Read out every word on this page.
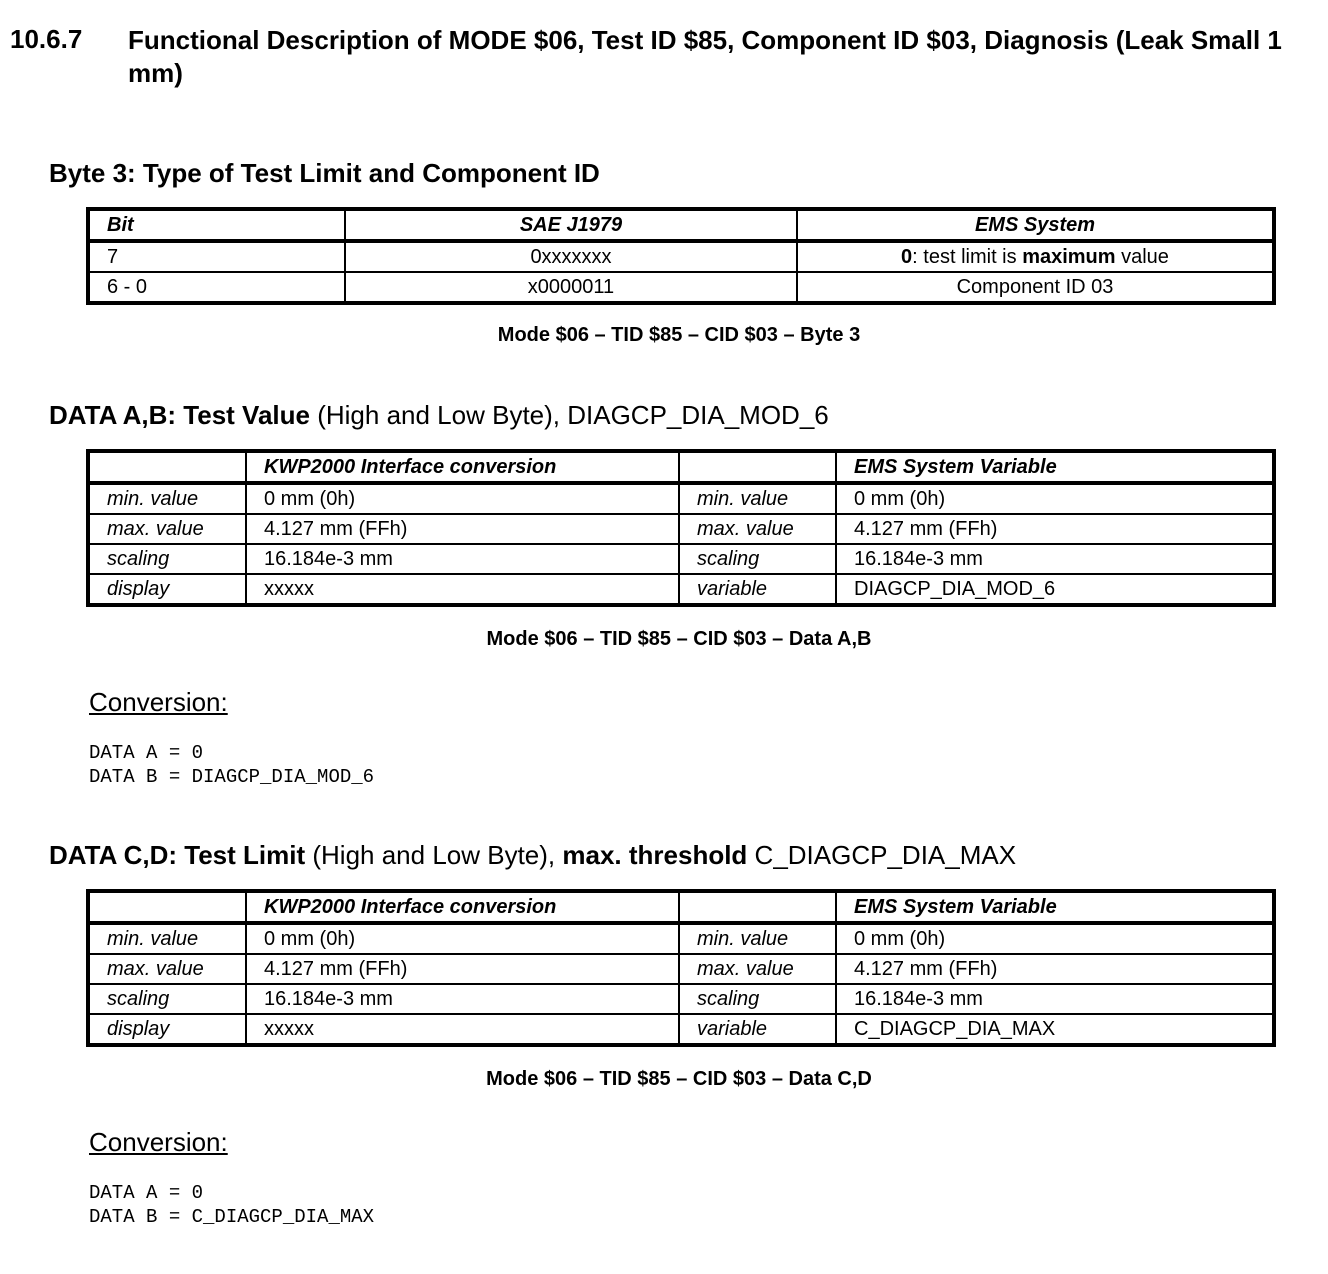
10.6.7 Functional Description of MODE $06, Test ID $85, Component ID $03, Diagnosis (Leak Small 1 mm)
Byte 3: Type of Test Limit and Component ID
Bit	SAE J1979	EMS System
7	0xxxxxxx	0: test limit is maximum value
6 - 0	x0000011	Component ID 03
Mode $06 – TID $85 – CID $03 – Byte 3
DATA A,B: Test Value (High and Low Byte), DIAGCP_DIA_MOD_6
	KWP2000 Interface conversion		EMS System Variable
min. value	0 mm (0h)	min. value	0 mm (0h)
max. value	4.127 mm (FFh)	max. value	4.127 mm (FFh)
scaling	16.184e-3 mm	scaling	16.184e-3 mm
display	xxxxx	variable	DIAGCP_DIA_MOD_6
Mode $06 – TID $85 – CID $03 – Data A,B
Conversion:
DATA A = 0
DATA B = DIAGCP_DIA_MOD_6
DATA C,D: Test Limit (High and Low Byte), max. threshold C_DIAGCP_DIA_MAX
	KWP2000 Interface conversion		EMS System Variable
min. value	0 mm (0h)	min. value	0 mm (0h)
max. value	4.127 mm (FFh)	max. value	4.127 mm (FFh)
scaling	16.184e-3 mm	scaling	16.184e-3 mm
display	xxxxx	variable	C_DIAGCP_DIA_MAX
Mode $06 – TID $85 – CID $03 – Data C,D
Conversion:
DATA A = 0
DATA B = C_DIAGCP_DIA_MAX
